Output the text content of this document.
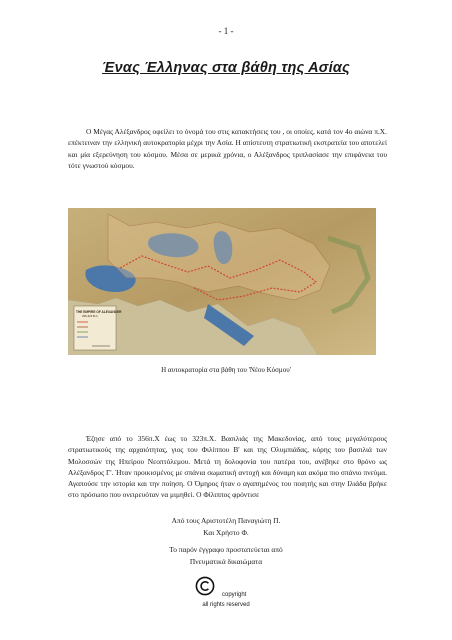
- 1 -
Ένας Έλληνας στα βάθη της Ασίας

Ο Μέγας Αλέξανδρος οφείλει το όνομά του στις κατακτήσεις του , οι οποίες, κατά τον 4ο αιώνα π.Χ. επέκτειναν την ελληνική αυτοκρατορία μέχρι την Ασία. Η απίστευτη στρατιωτική εκστρατεία του αποτελεί και μία εξερεύνηση του κόσμου. Μέσα σε μερικά χρόνια, ο Αλέξανδρος τριπλασίασε την επιφάνεια του τότε γνωστού κόσμου.

THE EMPIRE OF ALEXANDER
336-323 B.C.
Η αυτοκρατορία στα βάθη του 'Νέου Κόσμου'

Έζησε από το 356π.Χ έως το 323π.Χ. Βασιλιάς της Μακεδονίας, από τους μεγαλύτερους στρατιωτικούς της αρχαιότητας, γιος του Φιλίππου Β' και της Ολυμπιάδας, κόρης του βασιλιά των Μολοσσών της Ηπείρου Νεοπτόλεμου. Μετά τη δολοφονία του πατέρα του, ανέβηκε στο θρόνο ως Αλέξανδρος Γ'. Ήταν προικισμένος με σπάνια σωματική αντοχή και δύναμη και ακόμα πιο σπάνιο πνεύμα. Αγαπούσε την ιστορία και την ποίηση. Ο Όμηρος ήταν ο αγαπημένος του ποιητής και στην Ιλιάδα βρήκε στο πρόσωπο που ονειρευόταν να μιμηθεί. Ο Φίλιππος φρόντισε

Από τους Αριστοτέλη Παναγιώτη Π.
Και Χρήστο Φ.
Το παρόν έγγραφο προστατεύεται από
Πνευματικά δικαιώματα
copyright
all rights reserved
